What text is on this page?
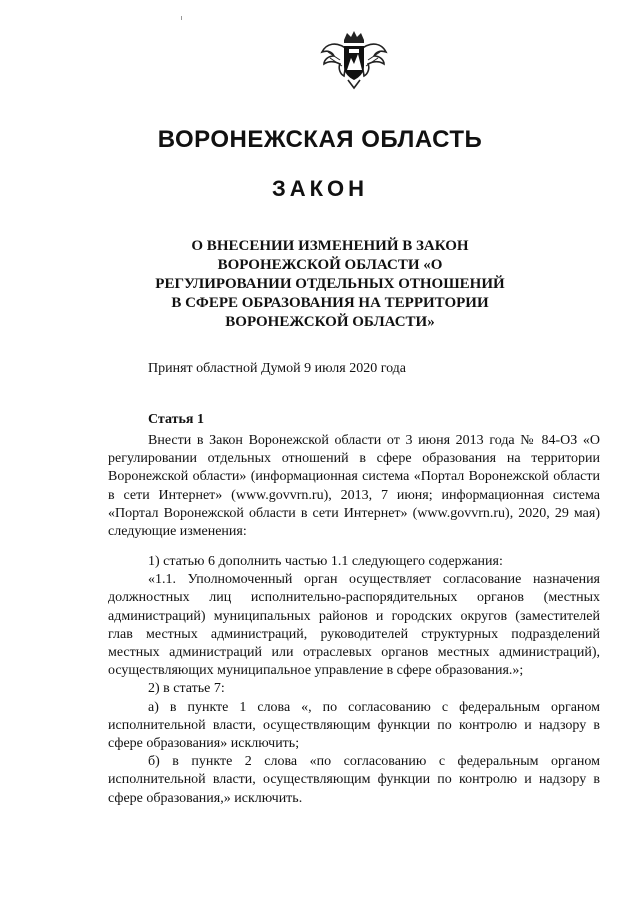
ВОРОНЕЖСКАЯ ОБЛАСТЬ
ЗАКОН
О ВНЕСЕНИИ ИЗМЕНЕНИЙ В ЗАКОН
ВОРОНЕЖСКОЙ ОБЛАСТИ «О
РЕГУЛИРОВАНИИ ОТДЕЛЬНЫХ ОТНОШЕНИЙ
В СФЕРЕ ОБРАЗОВАНИЯ НА ТЕРРИТОРИИ
ВОРОНЕЖСКОЙ ОБЛАСТИ»
Принят областной Думой 9 июля 2020 года
Статья 1

Внести в Закон Воронежской области от 3 июня 2013 года № 84-ОЗ «О регулировании отдельных отношений в сфере образования на территории Воронежской области» (информационная система «Портал Воронежской области в сети Интернет» (www.govvrn.ru), 2013, 7 июня; информационная система «Портал Воронежской области в сети Интернет» (www.govvrn.ru), 2020, 29 мая) следующие изменения:

1) статью 6 дополнить частью 1.1 следующего содержания:

«1.1. Уполномоченный орган осуществляет согласование назначения должностных лиц исполнительно-распорядительных органов (местных администраций) муниципальных районов и городских округов (заместителей глав местных администраций, руководителей структурных подразделений местных администраций или отраслевых органов местных администраций), осуществляющих муниципальное управление в сфере образования.»;

2) в статье 7:

а) в пункте 1 слова «, по согласованию с федеральным органом исполнительной власти, осуществляющим функции по контролю и надзору в сфере образования» исключить;

б) в пункте 2 слова «по согласованию с федеральным органом исполнительной власти, осуществляющим функции по контролю и надзору в сфере образования,» исключить.
